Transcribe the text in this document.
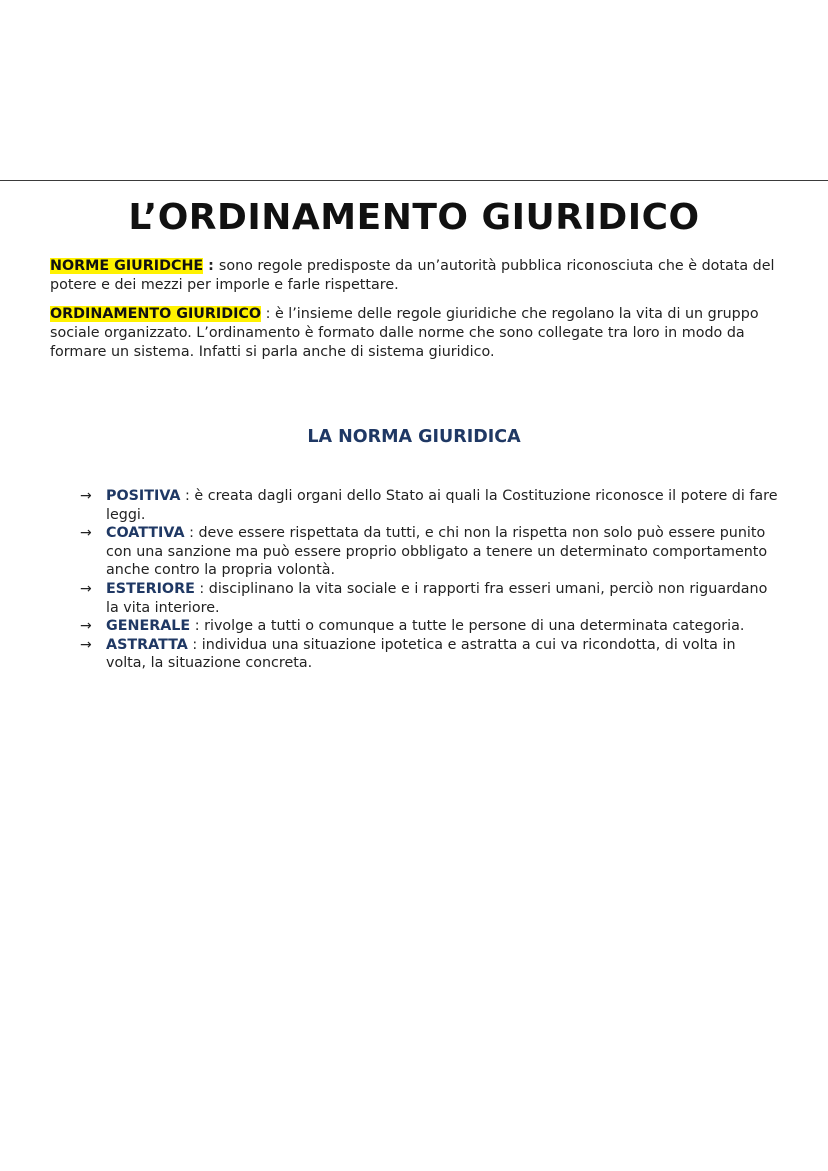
L’ORDINAMENTO GIURIDICO

NORME GIURIDCHE : sono regole predisposte da un’autorità pubblica riconosciuta che è dotata del potere e dei mezzi per imporle e farle rispettare.

ORDINAMENTO GIURIDICO : è l’insieme delle regole giuridiche che regolano la vita di un gruppo sociale organizzato. L’ordinamento è formato dalle norme che sono collegate tra loro in modo da formare un sistema. Infatti si parla anche di sistema giuridico.

LA NORMA GIURIDICA
→ POSITIVA : è creata dagli organi dello Stato ai quali la Costituzione riconosce il potere di fare leggi.
→ COATTIVA : deve essere rispettata da tutti, e chi non la rispetta non solo può essere punito con una sanzione ma può essere proprio obbligato a tenere un determinato comportamento anche contro la propria volontà.
→ ESTERIORE : disciplinano la vita sociale e i rapporti fra esseri umani, perciò non riguardano la vita interiore.
→ GENERALE : rivolge a tutti o comunque a tutte le persone di una determinata categoria.
→ ASTRATTA : individua una situazione ipotetica e astratta a cui va ricondotta, di volta in volta, la situazione concreta.
